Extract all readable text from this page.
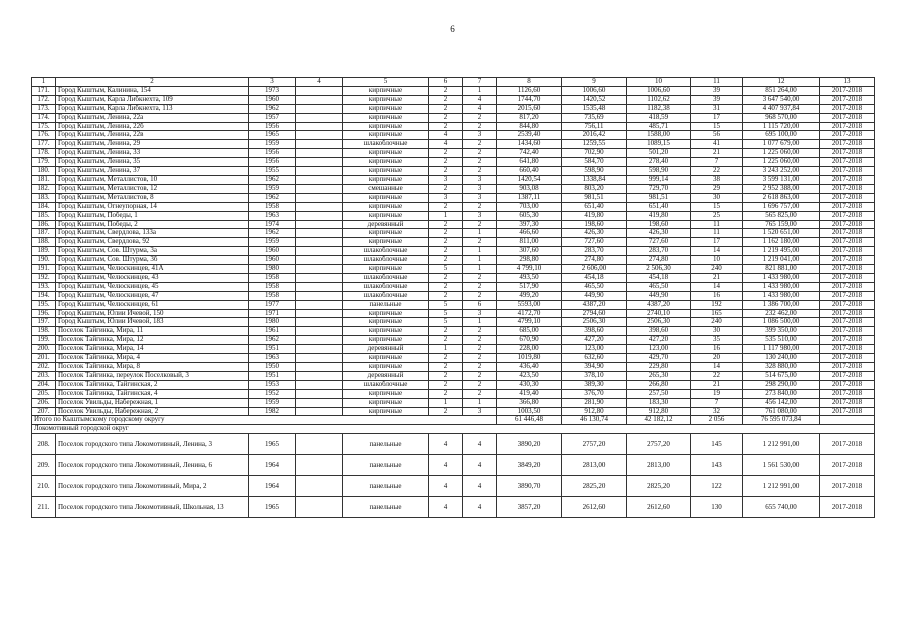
6
1	2	3	4	5	6	7	8	9	10	11	12	13
171.	Город Кыштым, Калинина, 154	1973		кирпичные	2	1	1126,60	1006,60	1006,60	39	851 264,00	2017-2018
172.	Город Кыштым, Карла Либкнехта, 109	1960		кирпичные	2	4	1744,70	1420,52	1102,62	39	3 647 540,00	2017-2018
173.	Город Кыштым, Карла Либкнехта, 113	1962		кирпичные	2	4	2015,60	1535,48	1182,38	31	4 407 937,84	2017-2018
174.	Город Кыштым, Ленина, 22а	1957		кирпичные	2	2	817,20	735,69	418,59	17	968 570,00	2017-2018
175.	Город Кыштым, Ленина, 22б	1956		кирпичные	2	2	844,80	756,11	485,71	15	1 115 720,00	2017-2018
176.	Город Кыштым, Ленина, 22в	1965		кирпичные	4	3	2539,40	2016,42	1588,00	56	695 100,00	2017-2018
177.	Город Кыштым, Ленина, 29	1959		шлакоблочные	4	2	1434,60	1259,55	1089,15	41	1 077 679,00	2017-2018
178.	Город Кыштым, Ленина, 33	1956		кирпичные	2	2	742,40	702,90	501,20	21	1 225 060,00	2017-2018
179.	Город Кыштым, Ленина, 35	1956		кирпичные	2	2	641,80	584,70	278,40	7	1 225 060,00	2017-2018
180.	Город Кыштым, Ленина, 37	1955		кирпичные	2	2	660,40	598,90	598,90	22	3 243 252,00	2017-2018
181.	Город Кыштым, Металлистов, 10	1962		кирпичные	3	3	1420,54	1338,84	999,14	38	3 599 131,00	2017-2018
182.	Город Кыштым, Металлистов, 12	1959		смешанные	2	3	903,08	803,20	729,70	29	2 952 388,00	2017-2018
183.	Город Кыштым, Металлистов, 8	1962		кирпичные	3	3	1387,11	981,51	981,51	30	2 618 863,00	2017-2018
184.	Город Кыштым, Огнеупорная, 14	1958		кирпичные	2	2	703,00	651,40	651,40	15	1 696 757,00	2017-2018
185.	Город Кыштым, Победы, 1	1963		кирпичные	1	3	605,30	419,80	419,80	25	565 825,00	2017-2018
186.	Город Кыштым, Победы, 2	1974		деревянный	2	2	397,30	198,60	198,60	11	765 159,00	2017-2018
187.	Город Кыштым, Свердлова, 133а	1962		кирпичные	2	1	466,60	426,30	426,30	11	1 520 651,00	2017-2018
188.	Город Кыштым, Свердлова, 92	1959		кирпичные	2	2	811,00	727,60	727,60	17	1 162 180,00	2017-2018
189.	Город Кыштым, Сов. Штурма, 3а	1960		шлакоблочные	2	1	307,60	283,70	283,70	14	1 219 495,00	2017-2018
190.	Город Кыштым, Сов. Штурма, 3б	1960		шлакоблочные	2	1	298,80	274,80	274,80	10	1 219 041,00	2017-2018
191.	Город Кыштым, Челюскинцев, 41А	1980		кирпичные	5	1	4 799,10	2 606,00	2 506,30	240	821 881,00	2017-2018
192.	Город Кыштым, Челюскинцев, 43	1958		шлакоблочные	2	2	493,50	454,18	454,18	21	1 433 980,00	2017-2018
193.	Город Кыштым, Челюскинцев, 45	1958		шлакоблочные	2	2	517,90	465,50	465,50	14	1 433 980,00	2017-2018
194.	Город Кыштым, Челюскинцев, 47	1958		шлакоблочные	2	2	499,20	449,90	449,90	16	1 433 980,00	2017-2018
195.	Город Кыштым, Челюскинцев, 61	1977		панельные	5	6	5593,00	4387,20	4387,20	192	1 386 700,00	2017-2018
196.	Город Кыштым, Юлии Ичевой, 150	1971		кирпичные	5	3	4172,70	2794,60	2740,10	165	232 462,00	2017-2018
197.	Город Кыштым, Юлии Ичевой, 183	1980		кирпичные	5	1	4799,10	2506,30	2506,30	240	1 086 500,00	2017-2018
198.	Поселок Тайгинка, Мира, 11	1961		кирпичные	2	2	685,00	398,60	398,60	30	399 350,00	2017-2018
199.	Поселок Тайгинка, Мира, 12	1962		кирпичные	2	2	670,90	427,20	427,20	35	535 510,00	2017-2018
200.	Поселок Тайгинка, Мира, 14	1951		деревянный	1	2	228,00	123,00	123,00	16	1 117 980,00	2017-2018
201.	Поселок Тайгинка, Мира, 4	1963		кирпичные	2	2	1019,80	632,60	429,70	20	130 240,00	2017-2018
202.	Поселок Тайгинка, Мира, 8	1950		кирпичные	2	2	436,40	394,90	229,80	14	328 880,00	2017-2018
203.	Поселок Тайгинка, переулок Поселковый, 3	1951		деревянный	2	2	423,50	378,10	265,30	22	514 675,00	2017-2018
204.	Поселок Тайгинка, Тайгинская, 2	1953		шлакоблочные	2	2	430,30	389,30	266,80	21	298 290,00	2017-2018
205.	Поселок Тайгинка, Тайгинская, 4	1952		кирпичные	2	2	419,40	376,70	257,50	19	273 840,00	2017-2018
206.	Поселок Увильды, Набережная, 1	1959		кирпичные	1	1	366,80	281,90	183,30	7	456 142,00	2017-2018
207.	Поселок Увильды, Набережная, 2	1982		кирпичные	2	3	1003,50	912,80	912,80	32	761 080,00	2017-2018
Итого по Кыштымскому городскому округу							61 446,48	46 130,74	42 182,12	2 056	76 595 073,84	
Локомотивный городской округ												
208.	Поселок городского типа Локомотивный, Ленина, 3	1965		панельные	4	4	3890,20	2757,20	2757,20	145	1 212 991,00	2017-2018
209.	Поселок городского типа Локомотивный, Ленина, 6	1964		панельные	4	4	3849,20	2813,00	2813,00	143	1 561 530,00	2017-2018
210.	Поселок городского типа Локомотивный, Мира, 2	1964		панельные	4	4	3890,70	2825,20	2825,20	122	1 212 991,00	2017-2018
211.	Поселок городского типа Локомотивный, Школьная, 13	1965		панельные	4	4	3857,20	2612,60	2612,60	130	655 740,00	2017-2018
